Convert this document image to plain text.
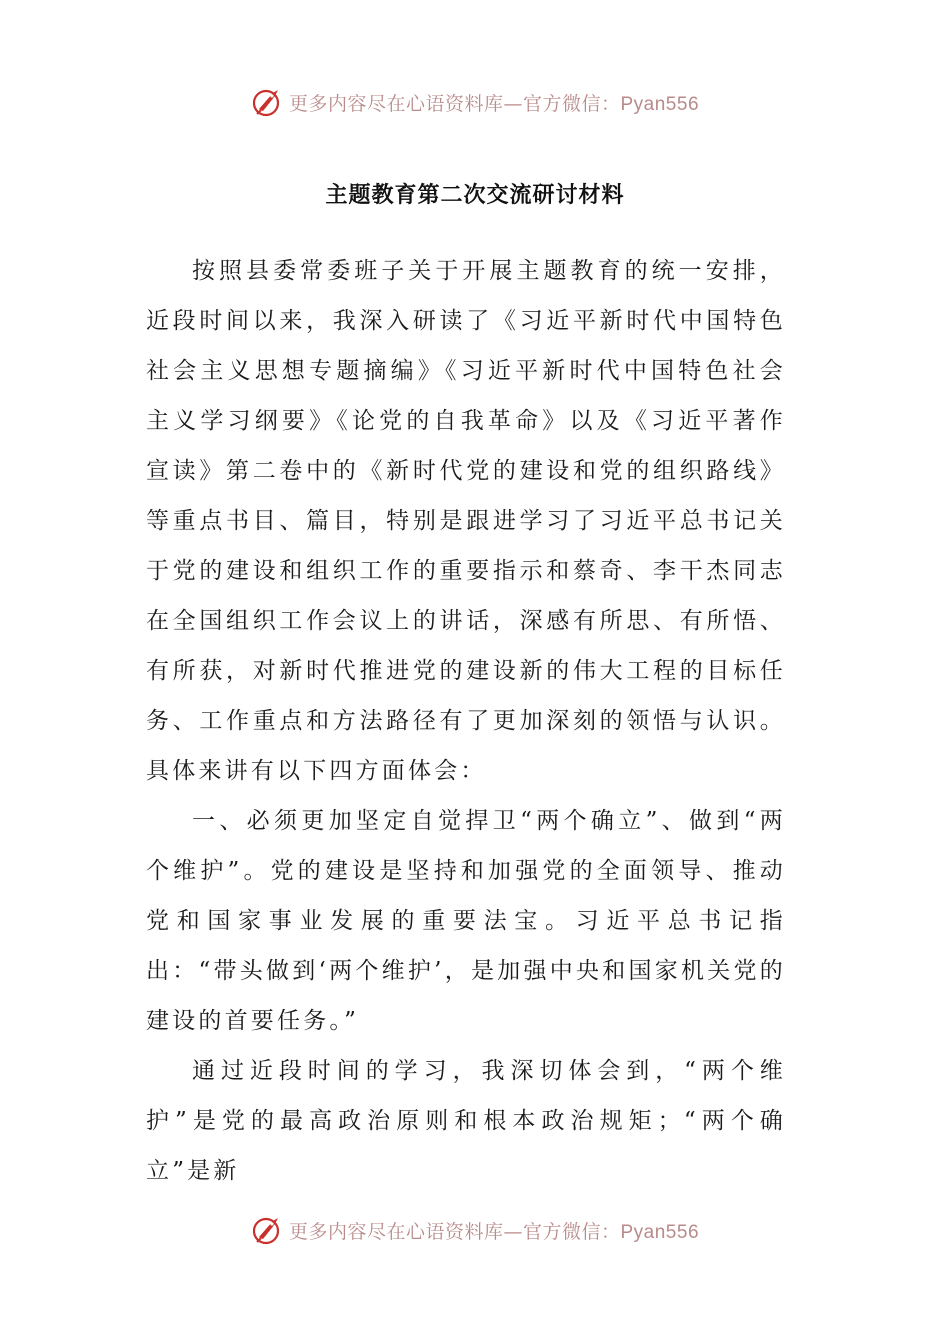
更多内容尽在心语资料库—官方微信：Pyan556
主题教育第二次交流研讨材料

按照县委常委班子关于开展主题教育的统一安排，近段时间以来，我深入研读了《习近平新时代中国特色社会主义思想专题摘编》《习近平新时代中国特色社会主义学习纲要》《论党的自我革命》以及《习近平著作宣读》第二卷中的《新时代党的建设和党的组织路线》等重点书目、篇目，特别是跟进学习了习近平总书记关于党的建设和组织工作的重要指示和蔡奇、李干杰同志在全国组织工作会议上的讲话，深感有所思、有所悟、有所获，对新时代推进党的建设新的伟大工程的目标任务、工作重点和方法路径有了更加深刻的领悟与认识。具体来讲有以下四方面体会：

一、必须更加坚定自觉捍卫“两个确立”、做到“两个维护”。党的建设是坚持和加强党的全面领导、推动党和国家事业发展的重要法宝。习近平总书记指出：“带头做到‘两个维护’，是加强中央和国家机关党的建设的首要任务。”

通过近段时间的学习，我深切体会到，“两个维护”是党的最高政治原则和根本政治规矩；“两个确立”是新

更多内容尽在心语资料库—官方微信：Pyan556
